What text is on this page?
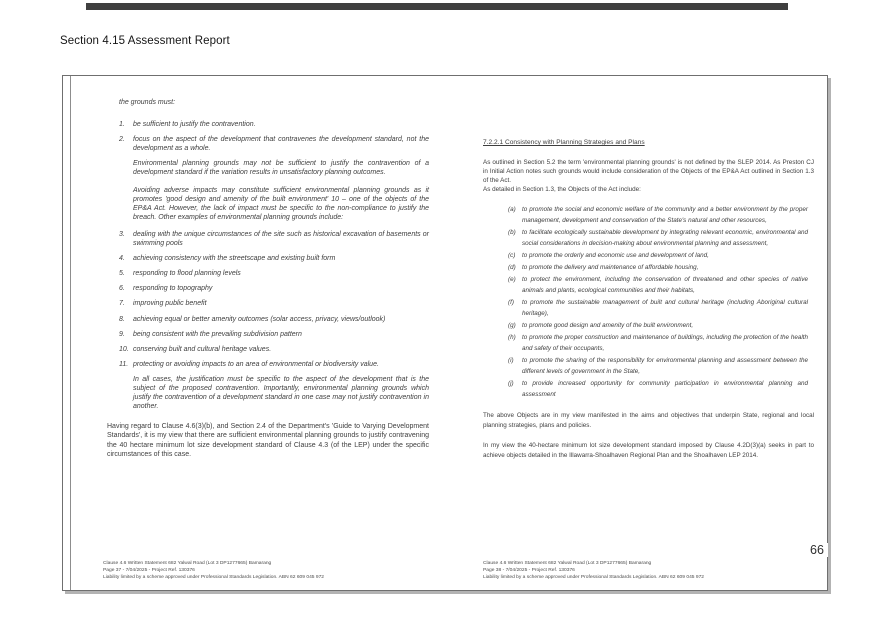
Section 4.15 Assessment Report
the grounds must:
1.	be sufficient to justify the contravention.
2.	focus on the aspect of the development that contravenes the development standard, not the development as a whole.
Environmental planning grounds may not be sufficient to justify the contravention of a development standard if the variation results in unsatisfactory planning outcomes.
Avoiding adverse impacts may constitute sufficient environmental planning grounds as it promotes 'good design and amenity of the built environment' 10 – one of the objects of the EP&A Act. However, the lack of impact must be specific to the non-compliance to justify the breach. Other examples of environmental planning grounds include:
3.	dealing with the unique circumstances of the site such as historical excavation of basements or swimming pools
4.	achieving consistency with the streetscape and existing built form
5.	responding to flood planning levels
6.	responding to topography
7.	improving public benefit
8.	achieving equal or better amenity outcomes (solar access, privacy, views/outlook)
9.	being consistent with the prevailing subdivision pattern
10. conserving built and cultural heritage values.
11. protecting or avoiding impacts to an area of environmental or biodiversity value.
In all cases, the justification must be specific to the aspect of the development that is the subject of the proposed contravention. Importantly, environmental planning grounds which justify the contravention of a development standard in one case may not justify contravention in another.
Having regard to Clause 4.6(3)(b), and Section 2.4 of the Department's 'Guide to Varying Development Standards', it is my view that there are sufficient environmental planning grounds to justify contravening the 40 hectare minimum lot size development standard of Clause 4.3 (of the LEP) under the specific circumstances of this case.
7.2.2.1 Consistency with Planning Strategies and Plans
As outlined in Section 5.2 the term 'environmental planning grounds' is not defined by the SLEP 2014. As Preston CJ in Initial Action notes such grounds would include consideration of the Objects of the EP&A Act outlined in Section 1.3 of the Act.
As detailed in Section 1.3, the Objects of the Act include:
(a) to promote the social and economic welfare of the community and a better environment by the proper management, development and conservation of the State's natural and other resources,
(b) to facilitate ecologically sustainable development by integrating relevant economic, environmental and social considerations in decision-making about environmental planning and assessment,
(c)	to promote the orderly and economic use and development of land,
(d) to promote the delivery and maintenance of affordable housing,
(e) to protect the environment, including the conservation of threatened and other species of native animals and plants, ecological communities and their habitats,
(f)	to promote the sustainable management of built and cultural heritage (including Aboriginal cultural heritage),
(g) to promote good design and amenity of the built environment,
(h) to promote the proper construction and maintenance of buildings, including the protection of the health and safety of their occupants,
(i)	to promote the sharing of the responsibility for environmental planning and assessment between the different levels of government in the State,
(j)	to provide increased opportunity for community participation in environmental planning and assessment
The above Objects are in my view manifested in the aims and objectives that underpin State, regional and local planning strategies, plans and policies.
In my view the 40-hectare minimum lot size development standard imposed by Clause 4.2D(3)(a) seeks in part to achieve objects detailed in the Illawarra-Shoalhaven Regional Plan and the Shoalhaven LEP 2014.
Clause 4.6 Written Statement 682 Yalwal Road (Lot 3 DP1277665) Bamarang
Page 37 - 7/04/2025 - Project Ref. 130376
Liability limited by a scheme approved under Professional Standards Legislation. ABN 62 609 045 972
Clause 4.6 Written Statement 682 Yalwal Road (Lot 3 DP1277665) Bamarang
Page 38 - 7/04/2025 - Project Ref. 130376
Liability limited by a scheme approved under Professional Standards Legislation. ABN 62 609 045 972
66
